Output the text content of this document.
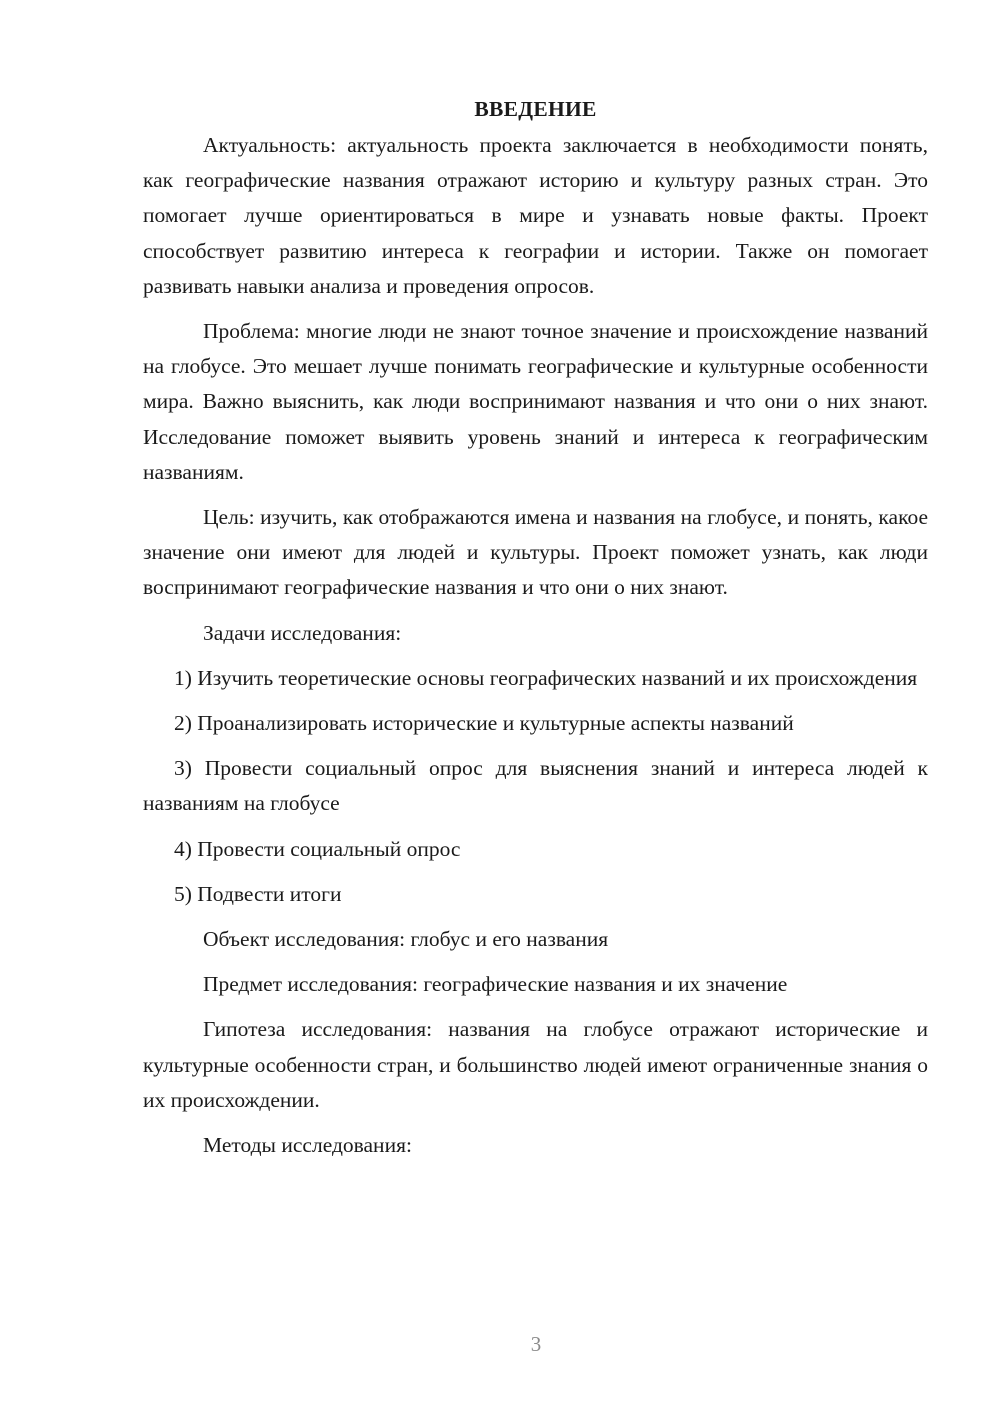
ВВЕДЕНИЕ

Актуальность: актуальность проекта заключается в необходимости понять, как географические названия отражают историю и культуру разных стран. Это помогает лучше ориентироваться в мире и узнавать новые факты. Проект способствует развитию интереса к географии и истории. Также он помогает развивать навыки анализа и проведения опросов.

Проблема: многие люди не знают точное значение и происхождение названий на глобусе. Это мешает лучше понимать географические и культурные особенности мира. Важно выяснить, как люди воспринимают названия и что они о них знают. Исследование поможет выявить уровень знаний и интереса к географическим названиям.

Цель: изучить, как отображаются имена и названия на глобусе, и понять, какое значение они имеют для людей и культуры. Проект поможет узнать, как люди воспринимают географические названия и что они о них знают.

Задачи исследования:

1) Изучить теоретические основы географических названий и их происхождения

2) Проанализировать исторические и культурные аспекты названий

3) Провести социальный опрос для выяснения знаний и интереса людей к названиям на глобусе

4) Провести социальный опрос

5) Подвести итоги

Объект исследования: глобус и его названия

Предмет исследования: географические названия и их значение

Гипотеза исследования: названия на глобусе отражают исторические и культурные особенности стран, и большинство людей имеют ограниченные знания о их происхождении.

Методы исследования:

3
